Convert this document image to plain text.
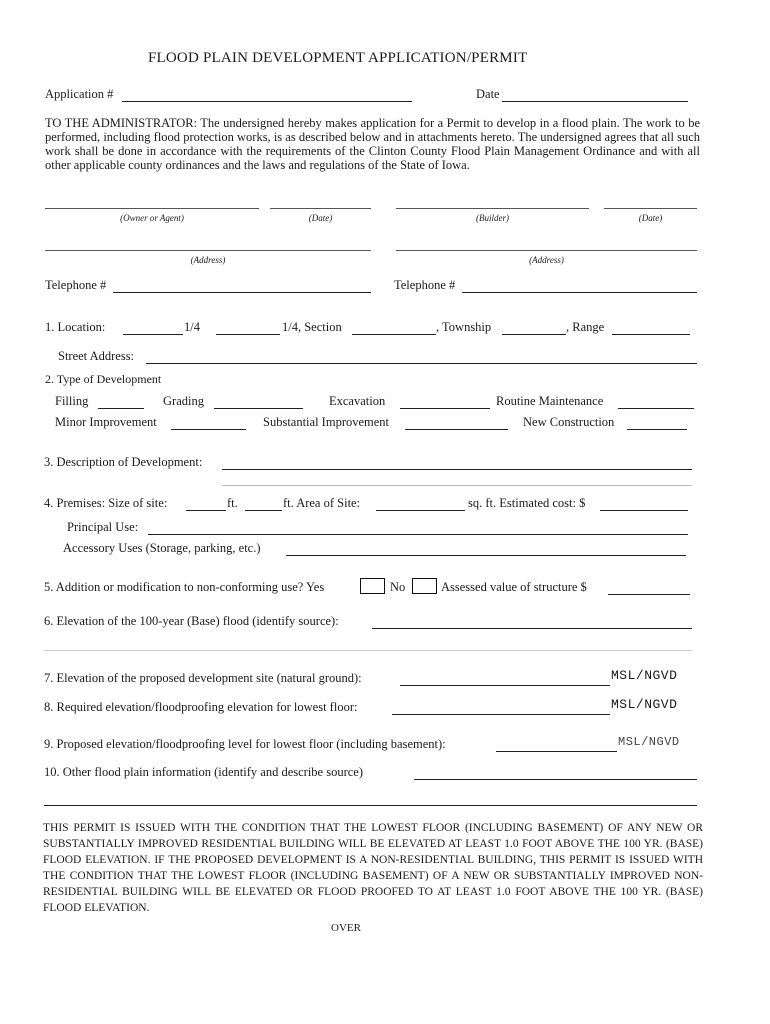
FLOOD PLAIN DEVELOPMENT APPLICATION/PERMIT
Application #	Date
TO THE ADMINISTRATOR: The undersigned hereby makes application for a Permit to develop in a flood plain. The work to be performed, including flood protection works, is as described below and in attachments hereto. The undersigned agrees that all such work shall be done in accordance with the requirements of the Clinton County Flood Plain Management Ordinance and with all other applicable county ordinances and the laws and regulations of the State of Iowa.
(Owner or Agent)	(Date)	(Builder)	(Date)
(Address)	(Address)
Telephone #	Telephone #
1. Location:	1/4	1/4, Section	, Township	, Range
Street Address:
2. Type of Development
Filling	Grading	Excavation	Routine Maintenance
Minor Improvement	Substantial Improvement	New Construction
3. Description of Development:
4. Premises: Size of site:	ft.	ft. Area of Site:	sq. ft. Estimated cost: $
Principal Use:
Accessory Uses (Storage, parking, etc.)
5. Addition or modification to non-conforming use? Yes	No	Assessed value of structure $
6. Elevation of the 100-year (Base) flood (identify source):
7. Elevation of the proposed development site (natural ground):	MSL/NGVD
8. Required elevation/floodproofing elevation for lowest floor:	MSL/NGVD
9. Proposed elevation/floodproofing level for lowest floor (including basement):	MSL/NGVD
10. Other flood plain information (identify and describe source)
THIS PERMIT IS ISSUED WITH THE CONDITION THAT THE LOWEST FLOOR (INCLUDING BASEMENT) OF ANY NEW OR SUBSTANTIALLY IMPROVED RESIDENTIAL BUILDING WILL BE ELEVATED AT LEAST 1.0 FOOT ABOVE THE 100 YR. (BASE) FLOOD ELEVATION. IF THE PROPOSED DEVELOPMENT IS A NON-RESIDENTIAL BUILDING, THIS PERMIT IS ISSUED WITH THE CONDITION THAT THE LOWEST FLOOR (INCLUDING BASEMENT) OF A NEW OR SUBSTANTIALLY IMPROVED NON-RESIDENTIAL BUILDING WILL BE ELEVATED OR FLOOD PROOFED TO AT LEAST 1.0 FOOT ABOVE THE 100 YR. (BASE) FLOOD ELEVATION.
OVER
